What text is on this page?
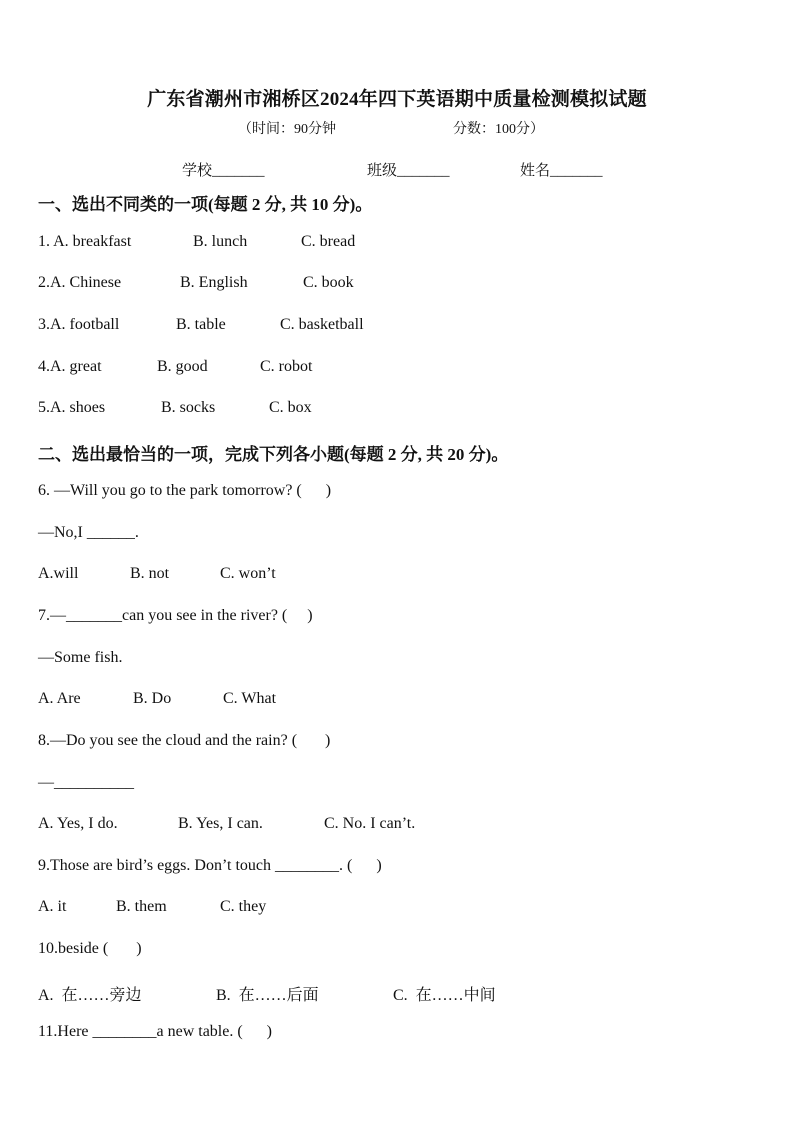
广东省潮州市湘桥区2024年四下英语期中质量检测模拟试题
（时间：90分钟	分数：100分）
学校_______	班级_______	姓名_______
一、选出不同类的一项(每题 2 分, 共 10 分)。

1. A. breakfast

	B. lunch

	C. bread

2.A. Chinese

	B. English

	C. book

3.A. football

	B. table

	C. basketball

4.A. great

	B. good

	C. robot

5.A. shoes

	B. socks

	C. box

二、选出最恰当的一项，完成下列各小题(每题 2 分, 共 20 分)。
6. —Will you go to the park tomorrow? (      )
—No,I ______.

A.will

	B. not

	C. won’t

7.—_______can you see in the river? (     )
—Some fish.

A. Are

	B. Do

	C. What

8.—Do you see the cloud and the rain? (       )
—__________

A. Yes, I do.

	B. Yes, I can.

	C. No. I can’t.

9.Those are bird’s eggs. Don’t touch ________. (      )

A. it

	B. them

	C. they

10.beside (       )

A.  在……旁边

	B.  在……后面

	C.  在……中间

11.Here ________a new table. (      )
